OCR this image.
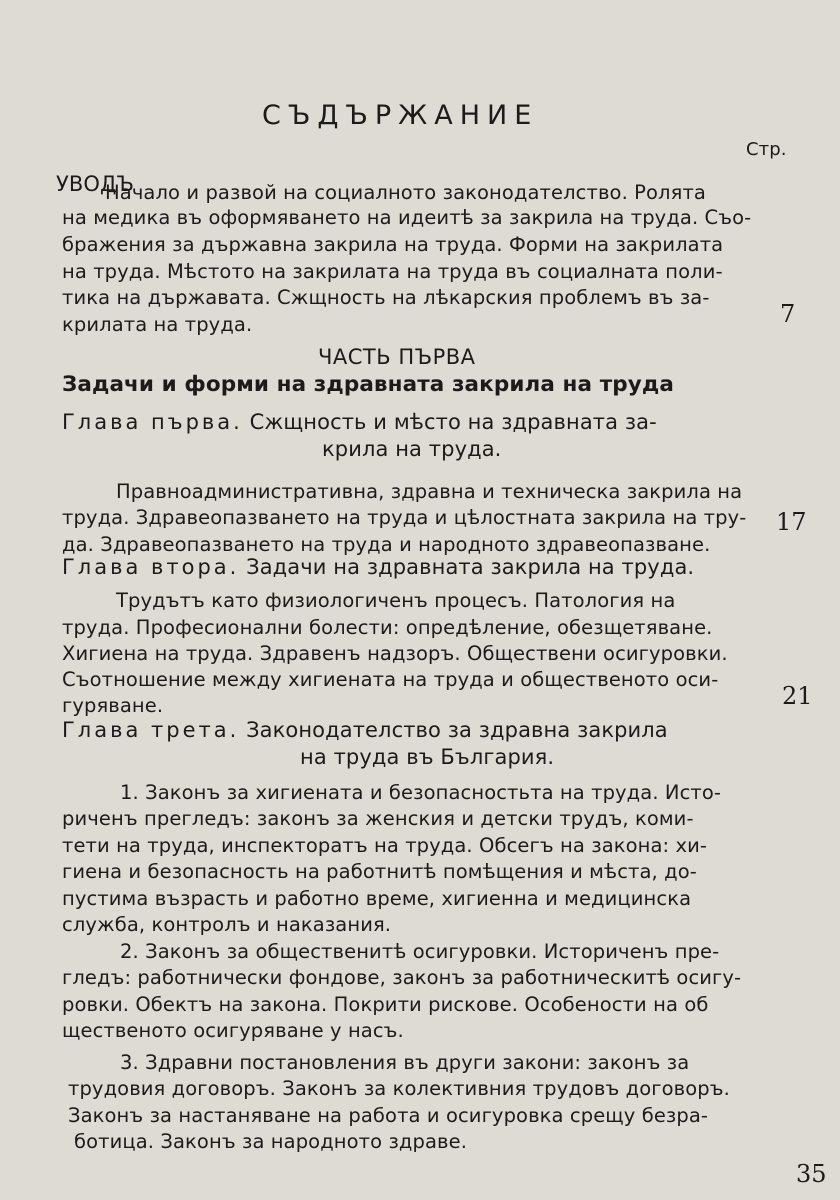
СЪДЪРЖАНИЕ
Стр.
УВОДЪ
Начало и развой на социалното законодателство. Ролята
на медика въ оформяването на идеитѣ за закрила на труда. Съо-
бражения за държавна закрила на труда. Форми на закрилата
на труда. Мѣстото на закрилата на труда въ социалната поли-
тика на държавата. Сжщность на лѣкарския проблемъ въ за-
крилата на труда.	7
ЧАСТЬ ПЪРВА
Задачи и форми на здравната закрила на труда
Глава първа. Сжщность и мѣсто на здравната за-
крила на труда.
Правноадминистративна, здравна и техническа закрила на
труда. Здравеопазването на труда и цѣлостната закрила на тру-
да. Здравеопазването на труда и народното здравеопазване.
17
Глава втора. Задачи на здравната закрила на труда.
Трудътъ като физиологиченъ процесъ. Патология на
труда. Професионални болести: опредѣление, обезщетяване.
Хигиена на труда. Здравенъ надзоръ. Обществени осигуровки.
Съотношение между хигиената на труда и общественото оси-
гуряване.	21
Глава трета. Законодателство за здравна закрила
на труда въ България.
1. Законъ за хигиената и безопасностьта на труда. Исто-
риченъ прегледъ: законъ за женския и детски трудъ, коми-
тети на труда, инспекторатъ на труда. Обсегъ на закона: хи-
гиена и безопасность на работнитѣ помѣщения и мѣста, до-
пустима възрасть и работно време, хигиенна и медицинска
служба, контролъ и наказания.
2. Законъ за общественитѣ осигуровки. Историченъ пре-
гледъ: работнически фондове, законъ за работническитѣ осигу-
ровки. Обектъ на закона. Покрити рискове. Особености на об
щественото осигуряване у насъ.
3. Здравни постановления въ други закони: законъ за
трудовия договоръ. Законъ за колективния трудовъ договоръ.
Законъ за настаняване на работа и осигуровка срещу безра-
ботица. Законъ за народното здраве.
35
